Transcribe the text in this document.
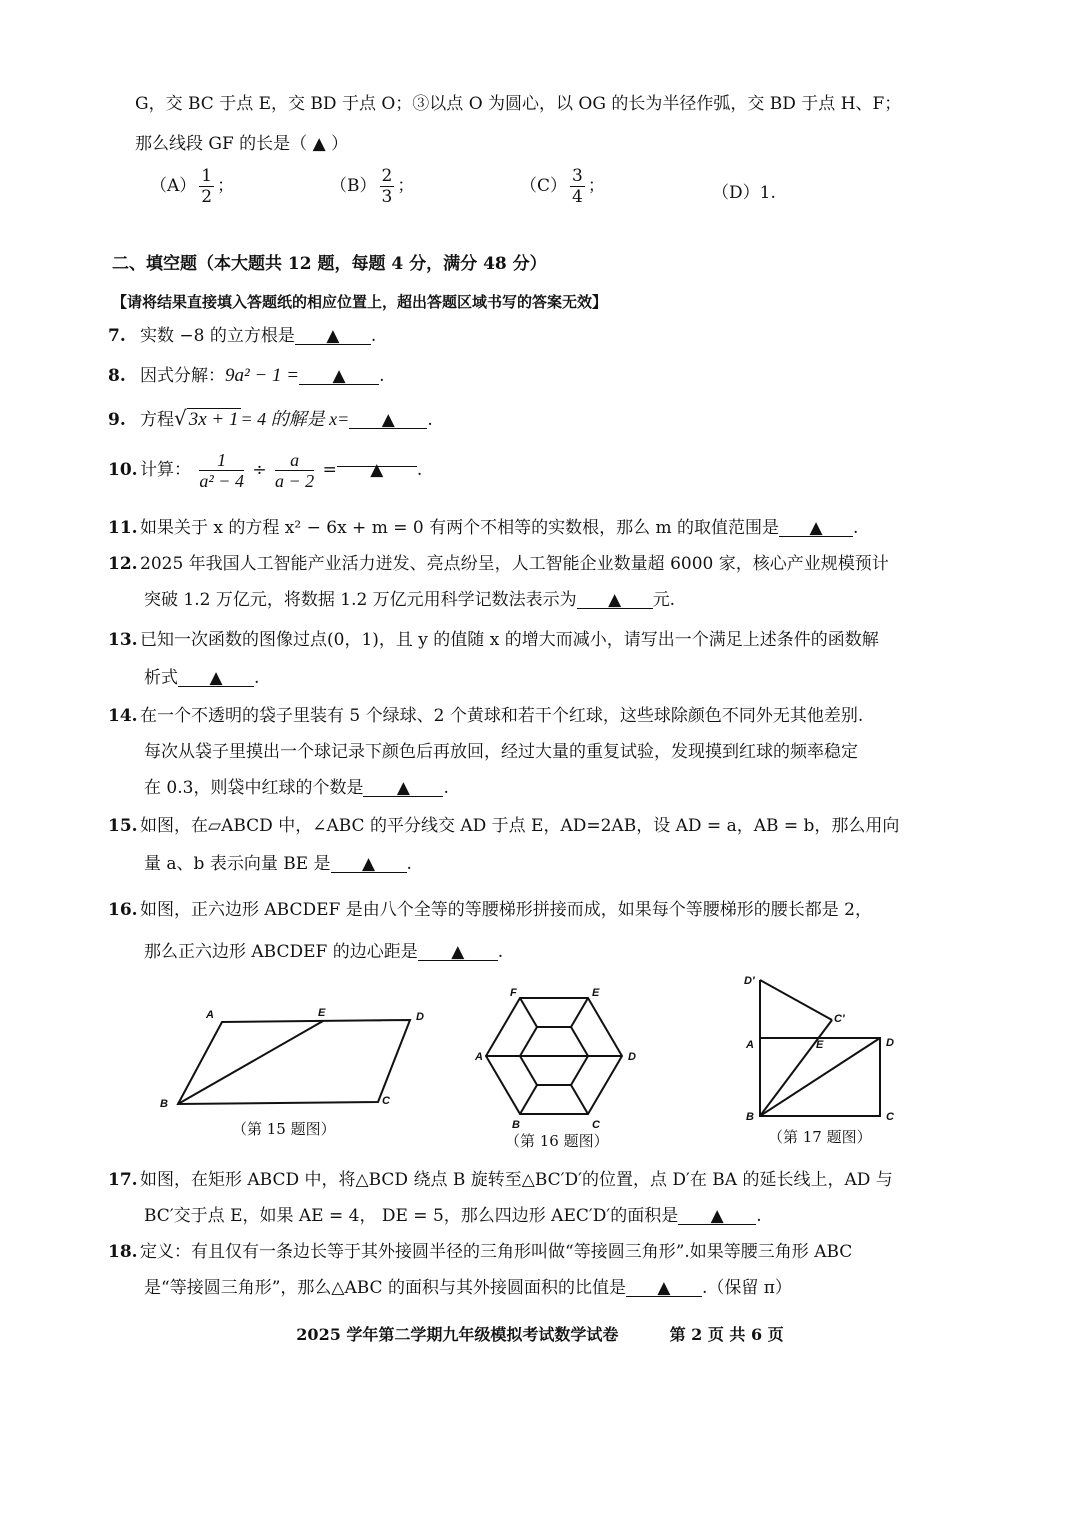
G，交 BC 于点 E，交 BD 于点 O；③以点 O 为圆心，以 OG 的长为半径作弧，交 BD 于点 H、F；
那么线段 GF 的长是（ ▲ ）
$(A) \frac{1}{2}$ ；	$(B) \frac{2}{3}$ ；	$(C) \frac{3}{4}$ ；	（D）1.
二、填空题（本大题共 12 题，每题 4 分，满分 48 分）
【请将结果直接填入答题纸的相应位置上，超出答题区域书写的答案无效】
7. 实数 −8 的立方根是 ▲ .
8. 因式分解：9a² − 1 = ▲ .
9. 方程√ 3x + 1 = 4 的解是 x= ▲ .
10. 计算： $\frac{1}{\text{a² − 4}} \div \frac{a}{a - 2}$ = ▲ .
11. 如果关于 x 的方程 x² − 6x + m = 0 有两个不相等的实数根，那么 m 的取值范围是 ▲ .
12. 2025 年我国人工智能产业活力迸发、亮点纷呈，人工智能企业数量超 6000 家，核心产业规模预计
突破 1.2 万亿元，将数据 1.2 万亿元用科学记数法表示为 ▲ 元.
13. 已知一次函数的图像过点(0，1)，且 y 的值随 x 的增大而减小，请写出一个满足上述条件的函数解
析式 ▲ .
14. 在一个不透明的袋子里装有 5 个绿球、2 个黄球和若干个红球，这些球除颜色不同外无其他差别.
每次从袋子里摸出一个球记录下颜色后再放回，经过大量的重复试验，发现摸到红球的频率稳定
在 0.3，则袋中红球的个数是 ▲ .
15. 如图，在▱ABCD 中，∠ABC 的平分线交 AD 于点 E，AD=2AB，设 AD = a，AB = b，那么用向
量 a、b 表示向量 BE 是 ▲ .
16. 如图，正六边形 ABCDEF 是由八个全等的等腰梯形拼接而成，如果每个等腰梯形的腰长都是 2，
那么正六边形 ABCDEF 的边心距是 ▲ .
A	E	D
B	C
（第 15 题图）
F	E
A	D
B	C
（第 16 题图）
D′
C′
A	E	D
B	C
（第 17 题图）
17. 如图，在矩形 ABCD 中，将△BCD 绕点 B 旋转至△BC′D′的位置，点 D′在 BA 的延长线上，AD 与
BC′交于点 E，如果 AE = 4， DE = 5，那么四边形 AEC′D′的面积是 ▲ .
18. 定义：有且仅有一条边长等于其外接圆半径的三角形叫做“等接圆三角形”.如果等腰三角形 ABC
是“等接圆三角形”，那么△ABC 的面积与其外接圆面积的比值是 ▲ .（保留 π）
2025 学年第二学期九年级模拟考试数学试卷	第 2 页 共 6 页
